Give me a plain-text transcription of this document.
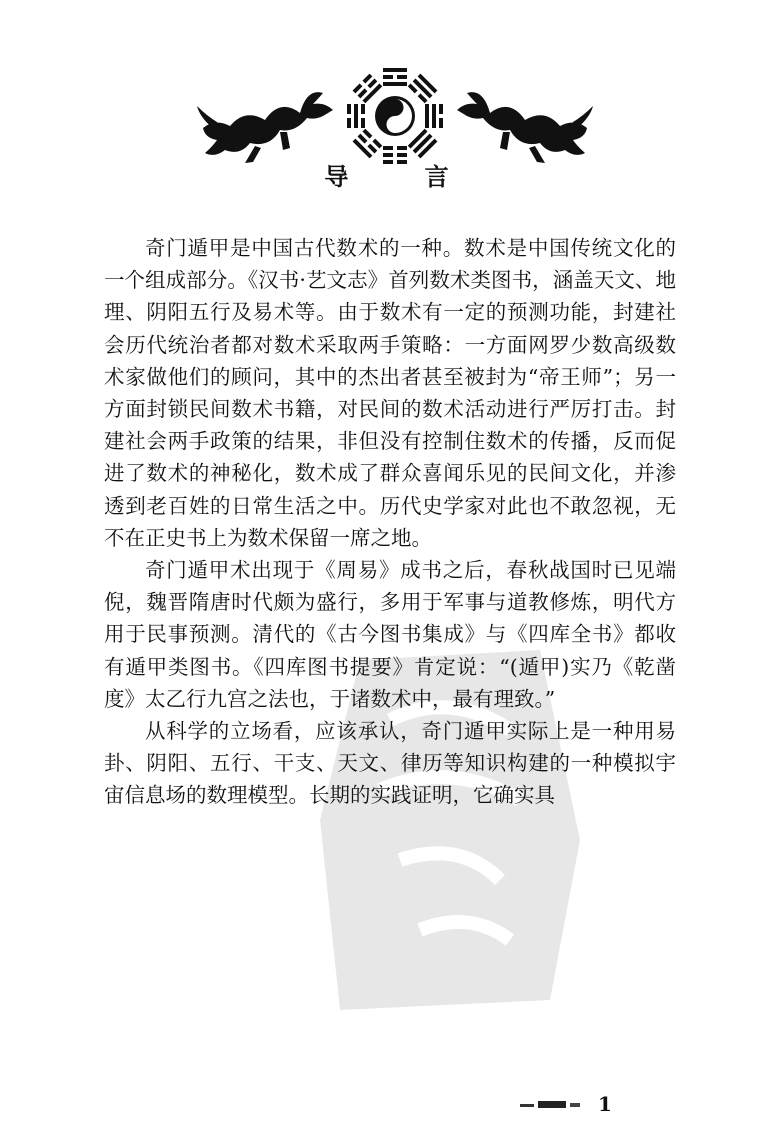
导 言

奇门遁甲是中国古代数术的一种。数术是中国传统文化的一个组成部分。《汉书·艺文志》首列数术类图书，涵盖天文、地理、阴阳五行及易术等。由于数术有一定的预测功能，封建社会历代统治者都对数术采取两手策略：一方面网罗少数高级数术家做他们的顾问，其中的杰出者甚至被封为“帝王师”；另一方面封锁民间数术书籍，对民间的数术活动进行严厉打击。封建社会两手政策的结果，非但没有控制住数术的传播，反而促进了数术的神秘化，数术成了群众喜闻乐见的民间文化，并渗透到老百姓的日常生活之中。历代史学家对此也不敢忽视，无不在正史书上为数术保留一席之地。

奇门遁甲术出现于《周易》成书之后，春秋战国时已见端倪，魏晋隋唐时代颇为盛行，多用于军事与道教修炼，明代方用于民事预测。清代的《古今图书集成》与《四库全书》都收有遁甲类图书。《四库图书提要》肯定说：“(遁甲)实乃《乾凿度》太乙行九宫之法也，于诸数术中，最有理致。”

从科学的立场看，应该承认，奇门遁甲实际上是一种用易卦、阴阳、五行、干支、天文、律历等知识构建的一种模拟宇宙信息场的数理模型。长期的实践证明，它确实具

1
